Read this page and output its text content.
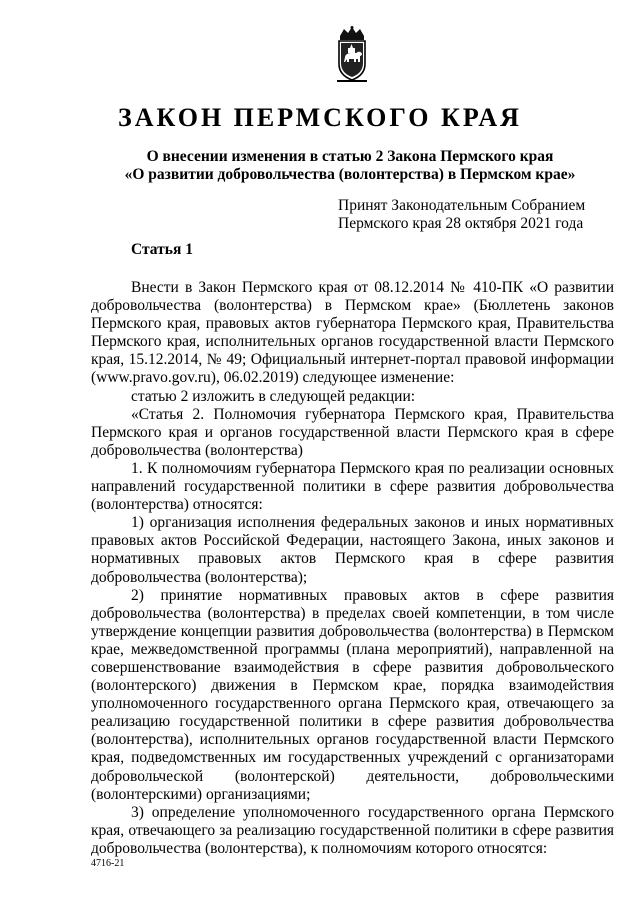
ЗАКОН ПЕРМСКОГО КРАЯ
О внесении изменения в статью 2 Закона Пермского края
«О развитии добровольчества (волонтерства) в Пермском крае»
Принят Законодательным Собранием
Пермского края 28 октября 2021 года
Статья 1

Внести в Закон Пермского края от 08.12.2014 № 410-ПК «О развитии добровольчества (волонтерства) в Пермском крае» (Бюллетень законов Пермского края, правовых актов губернатора Пермского края, Правительства Пермского края, исполнительных органов государственной власти Пермского края, 15.12.2014, № 49; Официальный интернет-портал правовой информации (www.pravo.gov.ru), 06.02.2019) следующее изменение:

статью 2 изложить в следующей редакции:

«Статья 2. Полномочия губернатора Пермского края, Правительства Пермского края и органов государственной власти Пермского края в сфере добровольчества (волонтерства)

1. К полномочиям губернатора Пермского края по реализации основных направлений государственной политики в сфере развития добровольчества (волонтерства) относятся:

1) организация исполнения федеральных законов и иных нормативных правовых актов Российской Федерации, настоящего Закона, иных законов и нормативных правовых актов Пермского края в сфере развития добровольчества (волонтерства);

2) принятие нормативных правовых актов в сфере развития добровольчества (волонтерства) в пределах своей компетенции, в том числе утверждение концепции развития добровольчества (волонтерства) в Пермском крае, межведомственной программы (плана мероприятий), направленной на совершенствование взаимодействия в сфере развития добровольческого (волонтерского) движения в Пермском крае, порядка взаимодействия уполномоченного государственного органа Пермского края, отвечающего за реализацию государственной политики в сфере развития добровольчества (волонтерства), исполнительных органов государственной власти Пермского края, подведомственных им государственных учреждений с организаторами добровольческой (волонтерской) деятельности, добровольческими (волонтерскими) организациями;

3) определение уполномоченного государственного органа Пермского края, отвечающего за реализацию государственной политики в сфере развития добровольчества (волонтерства), к полномочиям которого относятся:

4716-21
